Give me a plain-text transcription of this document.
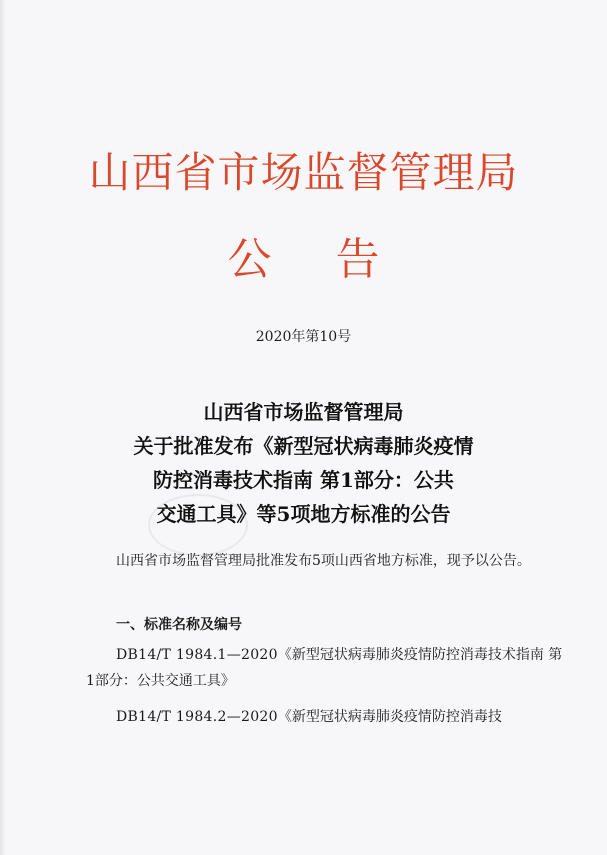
山西省市场监督管理局
公告
2020年第10号
山西省市场监督管理局
关于批准发布《新型冠状病毒肺炎疫情
防控消毒技术指南 第1部分：公共
交通工具》等5项地方标准的公告

山西省市场监督管理局批准发布5项山西省地方标准，现予以公告。

一、标准名称及编号

DB14/T 1984.1—2020《新型冠状病毒肺炎疫情防控消毒技术指南 第1部分：公共交通工具》

DB14/T 1984.2—2020《新型冠状病毒肺炎疫情防控消毒技
